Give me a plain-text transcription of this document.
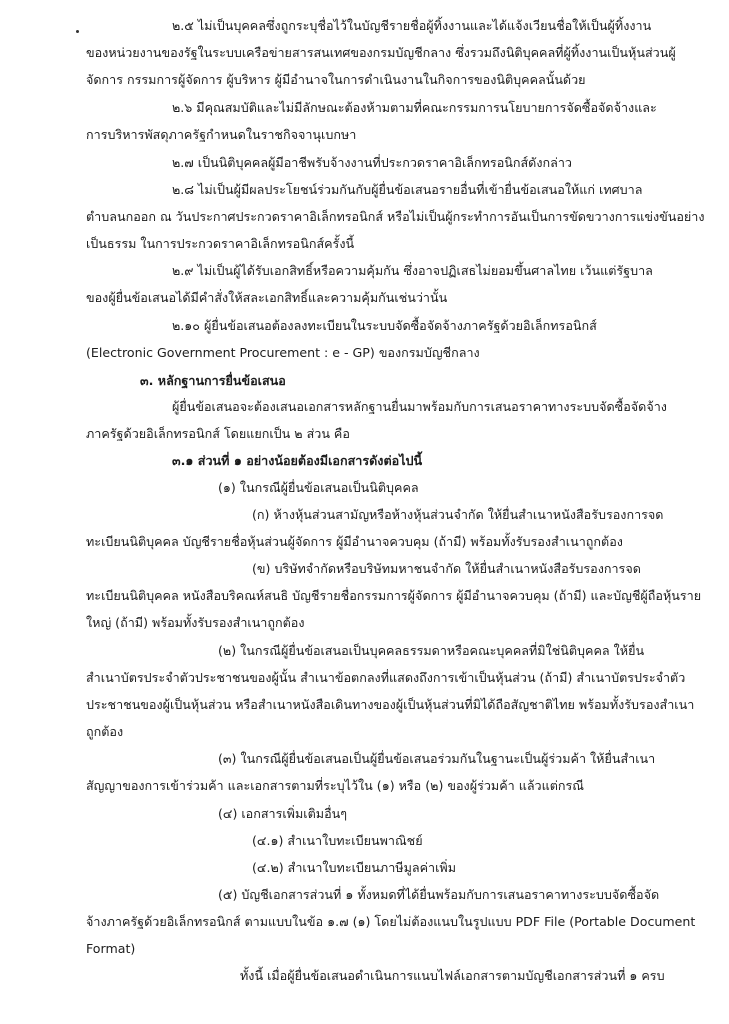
๒.๕ ไม่เป็นบุคคลซึ่งถูกระบุชื่อไว้ในบัญชีรายชื่อผู้ทิ้งงานและได้แจ้งเวียนชื่อให้เป็นผู้ทิ้งงาน
ของหน่วยงานของรัฐในระบบเครือข่ายสารสนเทศของกรมบัญชีกลาง ซึ่งรวมถึงนิติบุคคลที่ผู้ทิ้งงานเป็นหุ้นส่วนผู้
จัดการ กรรมการผู้จัดการ ผู้บริหาร ผู้มีอำนาจในการดำเนินงานในกิจการของนิติบุคคลนั้นด้วย
๒.๖ มีคุณสมบัติและไม่มีลักษณะต้องห้ามตามที่คณะกรรมการนโยบายการจัดซื้อจัดจ้างและ
การบริหารพัสดุภาครัฐกำหนดในราชกิจจานุเบกษา
๒.๗ เป็นนิติบุคคลผู้มีอาชีพรับจ้างงานที่ประกวดราคาอิเล็กทรอนิกส์ดังกล่าว
๒.๘ ไม่เป็นผู้มีผลประโยชน์ร่วมกันกับผู้ยื่นข้อเสนอรายอื่นที่เข้ายื่นข้อเสนอให้แก่ เทศบาล
ตำบลนกออก ณ วันประกาศประกวดราคาอิเล็กทรอนิกส์ หรือไม่เป็นผู้กระทำการอันเป็นการขัดขวางการแข่งขันอย่าง
เป็นธรรม ในการประกวดราคาอิเล็กทรอนิกส์ครั้งนี้
๒.๙ ไม่เป็นผู้ได้รับเอกสิทธิ์หรือความคุ้มกัน ซึ่งอาจปฏิเสธไม่ยอมขึ้นศาลไทย เว้นแต่รัฐบาล
ของผู้ยื่นข้อเสนอได้มีคำสั่งให้สละเอกสิทธิ์และความคุ้มกันเช่นว่านั้น
๒.๑๐ ผู้ยื่นข้อเสนอต้องลงทะเบียนในระบบจัดซื้อจัดจ้างภาครัฐด้วยอิเล็กทรอนิกส์
(Electronic Government Procurement : e - GP) ของกรมบัญชีกลาง
๓. หลักฐานการยื่นข้อเสนอ
ผู้ยื่นข้อเสนอจะต้องเสนอเอกสารหลักฐานยื่นมาพร้อมกับการเสนอราคาทางระบบจัดซื้อจัดจ้าง
ภาครัฐด้วยอิเล็กทรอนิกส์ โดยแยกเป็น ๒ ส่วน คือ
๓.๑ ส่วนที่ ๑ อย่างน้อยต้องมีเอกสารดังต่อไปนี้
(๑) ในกรณีผู้ยื่นข้อเสนอเป็นนิติบุคคล
(ก) ห้างหุ้นส่วนสามัญหรือห้างหุ้นส่วนจำกัด ให้ยื่นสำเนาหนังสือรับรองการจด
ทะเบียนนิติบุคคล บัญชีรายชื่อหุ้นส่วนผู้จัดการ ผู้มีอำนาจควบคุม (ถ้ามี) พร้อมทั้งรับรองสำเนาถูกต้อง
(ข) บริษัทจำกัดหรือบริษัทมหาชนจำกัด ให้ยื่นสำเนาหนังสือรับรองการจด
ทะเบียนนิติบุคคล หนังสือบริคณห์สนธิ บัญชีรายชื่อกรรมการผู้จัดการ ผู้มีอำนาจควบคุม (ถ้ามี) และบัญชีผู้ถือหุ้นราย
ใหญ่ (ถ้ามี) พร้อมทั้งรับรองสำเนาถูกต้อง
(๒) ในกรณีผู้ยื่นข้อเสนอเป็นบุคคลธรรมดาหรือคณะบุคคลที่มิใช่นิติบุคคล ให้ยื่น
สำเนาบัตรประจำตัวประชาชนของผู้นั้น สำเนาข้อตกลงที่แสดงถึงการเข้าเป็นหุ้นส่วน (ถ้ามี) สำเนาบัตรประจำตัว
ประชาชนของผู้เป็นหุ้นส่วน หรือสำเนาหนังสือเดินทางของผู้เป็นหุ้นส่วนที่มิได้ถือสัญชาติไทย พร้อมทั้งรับรองสำเนา
ถูกต้อง
(๓) ในกรณีผู้ยื่นข้อเสนอเป็นผู้ยื่นข้อเสนอร่วมกันในฐานะเป็นผู้ร่วมค้า ให้ยื่นสำเนา
สัญญาของการเข้าร่วมค้า และเอกสารตามที่ระบุไว้ใน (๑) หรือ (๒) ของผู้ร่วมค้า แล้วแต่กรณี
(๔) เอกสารเพิ่มเติมอื่นๆ
(๔.๑) สำเนาใบทะเบียนพาณิชย์
(๔.๒) สำเนาใบทะเบียนภาษีมูลค่าเพิ่ม
(๕) บัญชีเอกสารส่วนที่ ๑ ทั้งหมดที่ได้ยื่นพร้อมกับการเสนอราคาทางระบบจัดซื้อจัด
จ้างภาครัฐด้วยอิเล็กทรอนิกส์ ตามแบบในข้อ ๑.๗ (๑) โดยไม่ต้องแนบในรูปแบบ PDF File (Portable Document
Format)
ทั้งนี้ เมื่อผู้ยื่นข้อเสนอดำเนินการแนบไฟล์เอกสารตามบัญชีเอกสารส่วนที่ ๑ ครบ
